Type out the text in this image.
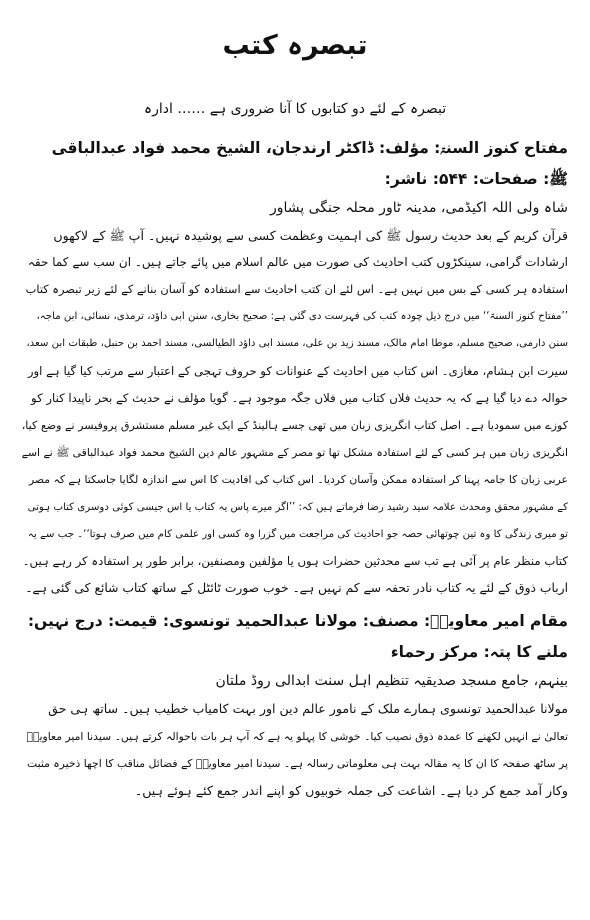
تبصرہ کتب

تبصرہ کے لئے دو کتابوں کا آنا ضروری ہے …… ادارہ

مفتاح کنوز السنۃ: مؤلف: ڈاکٹر ارندجان، الشیخ محمد فواد عبدالباقی ﷺ: صفحات: ۵۴۴: ناشر:

شاہ ولی اللہ اکیڈمی، مدینہ ٹاور محلہ جنگی پشاور

قرآن کریم کے بعد حدیث رسول ﷺ کی اہمیت وعظمت کسی سے پوشیدہ نہیں۔ آپ ﷺ کے لاکھوں

ارشادات گرامی، سینکڑوں کتب احادیث کی صورت میں عالم اسلام میں پائے جاتے ہیں۔ ان سب سے کما حقہ

استفادہ ہر کسی کے بس میں نہیں ہے۔ اس لئے ان کتب احادیث سے استفادہ کو آسان بنانے کے لئے زیر تبصرہ کتاب

’’مفتاح کنوز السنۃ‘‘ میں درج ذیل چودہ کتب کی فہرست دی گئی ہے: صحیح بخاری، سنن ابی داؤد، ترمذی، نسائی، ابن ماجہ،

سنن دارمی، صحیح مسلم، موطا امام مالک، مسند زید بن علی، مسند ابی داؤد الطیالسی، مسند احمد بن حنبل، طبقات ابن سعد،

سیرت ابن ہشام، مغازی۔ اس کتاب میں احادیث کے عنوانات کو حروف تہجی کے اعتبار سے مرتب کیا گیا ہے اور

حوالہ دے دیا گیا ہے کہ یہ حدیث فلاں کتاب میں فلاں جگہ موجود ہے۔ گویا مؤلف نے حدیث کے بحر ناپیدا کنار کو

کوزے میں سمودیا ہے۔ اصل کتاب انگریزی زبان میں تھی جسے ہالینڈ کے ایک غیر مسلم مستشرق پروفیسر نے وضع کیا،

انگریزی زبان میں ہر کسی کے لئے استفادہ مشکل تھا تو مصر کے مشہور عالم دین الشیخ محمد فواد عبدالباقی ﷺ نے اسے

عربی زبان کا جامہ پہنا کر استفادہ ممکن وآسان کردیا۔ اس کتاب کی افادیت کا اس سے اندازہ لگایا جاسکتا ہے کہ مصر

کے مشہور محقق ومحدث علامہ سید رشید رضا فرماتے ہیں کہ: ’’اگر میرے پاس یہ کتاب یا اس جیسی کوئی دوسری کتاب ہوتی

تو میری زندگی کا وہ تین چوتھائی حصہ جو احادیث کی مراجعت میں گزرا وہ کسی اور علمی کام میں صرف ہوتا‘‘۔ جب سے یہ

کتاب منظر عام پر آئی ہے تب سے محدثین حضرات ہوں یا مؤلفین ومصنفین، برابر طور پر استفادہ کر رہے ہیں۔

ارباب ذوق کے لئے یہ کتاب نادر تحفہ سے کم نہیں ہے۔ خوب صورت ٹائٹل کے ساتھ کتاب شائع کی گئی ہے۔

مقام امیر معاویہؓ: مصنف: مولانا عبدالحمید تونسوی: قیمت: درج نہیں: ملنے کا پتہ: مرکز رحماء

بینہم، جامع مسجد صدیقیہ تنظیم اہل سنت ابدالی روڈ ملتان

مولانا عبدالحمید تونسوی ہمارے ملک کے نامور عالم دین اور بہت کامیاب خطیب ہیں۔ ساتھ ہی حق

تعالیٰ نے انہیں لکھنے کا عمدہ ذوق نصیب کیا۔ خوشی کا پہلو یہ ہے کہ آپ ہر بات باحوالہ کرتے ہیں۔ سیدنا امیر معاویہؓ

پر ساٹھ صفحہ کا ان کا یہ مقالہ بہت ہی معلوماتی رسالہ ہے۔ سیدنا امیر معاویہؓ کے فضائل مناقب کا اچھا ذخیرہ مثبت

وکار آمد جمع کر دیا ہے۔ اشاعت کی جملہ خوبیوں کو اپنے اندر جمع کئے ہوئے ہیں۔
